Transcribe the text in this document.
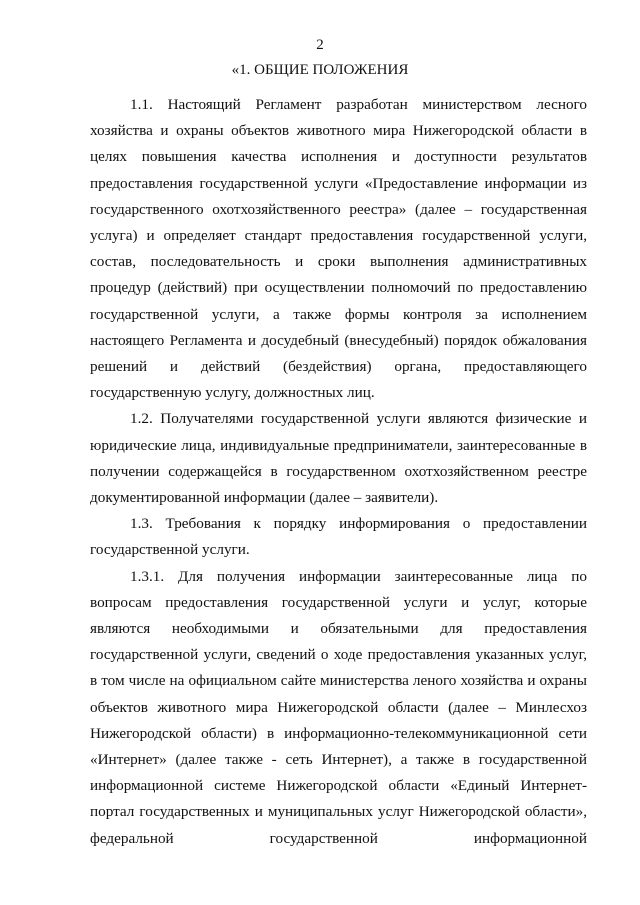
2
«1. ОБЩИЕ ПОЛОЖЕНИЯ

1.1. Настоящий Регламент разработан министерством лесного хозяйства и охраны объектов животного мира Нижегородской области в целях повышения качества исполнения и доступности результатов предоставления государственной услуги «Предоставление информации из государственного охотхозяйственного реестра» (далее – государственная услуга) и определяет стандарт предоставления государственной услуги, состав, последовательность и сроки выполнения административных процедур (действий) при осуществлении полномочий по предоставлению государственной услуги, а также формы контроля за исполнением настоящего Регламента и досудебный (внесудебный) порядок обжалования решений и действий (бездействия) органа, предоставляющего государственную услугу, должностных лиц.

1.2. Получателями государственной услуги являются физические и юридические лица, индивидуальные предприниматели, заинтересованные в получении содержащейся в государственном охотхозяйственном реестре документированной информации (далее – заявители).

1.3. Требования к порядку информирования о предоставлении государственной услуги.

1.3.1. Для получения информации заинтересованные лица по вопросам предоставления государственной услуги и услуг, которые являются необходимыми и обязательными для предоставления государственной услуги, сведений о ходе предоставления указанных услуг, в том числе на официальном сайте министерства леного хозяйства и охраны объектов животного мира Нижегородской области (далее – Минлесхоз Нижегородской области) в информационно-телекоммуникационной сети «Интернет» (далее также - сеть Интернет), а также в государственной информационной системе Нижегородской области «Единый Интернет-портал государственных и муниципальных услуг Нижегородской области», федеральной государственной информационной
